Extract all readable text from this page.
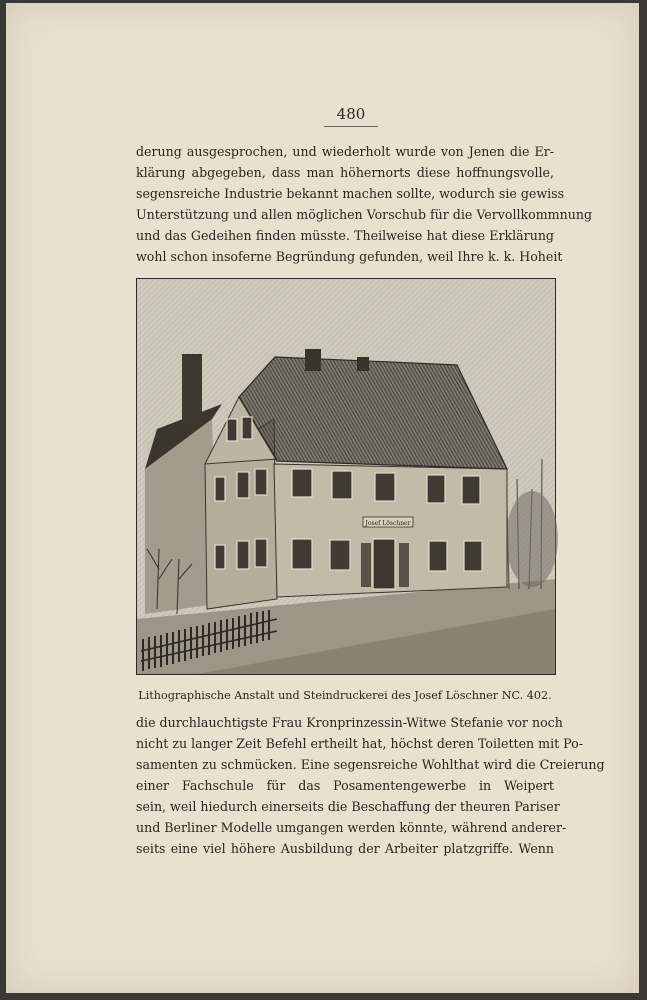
480
derung ausgesprochen, und wiederholt wurde von Jenen die Er-
klärung abgegeben, dass man höhernorts diese hoffnungsvolle,
segensreiche Industrie bekannt machen sollte, wodurch sie gewiss
Unterstützung und allen möglichen Vorschub für die Vervollkommnung
und das Gedeihen finden müsste. Theilweise hat diese Erklärung
wohl schon insoferne Begründung gefunden, weil Ihre k. k. Hoheit
Josef Löschner
Lithographische Anstalt und Steindruckerei des Josef Löschner NC. 402.
die durchlauchtigste Frau Kronprinzessin-Witwe Stefanie vor noch
nicht zu langer Zeit Befehl ertheilt hat, höchst deren Toiletten mit Po-
samenten zu schmücken. Eine segensreiche Wohlthat wird die Creierung
einer Fachschule für das Posamentengewerbe in Weipert
sein, weil hiedurch einerseits die Beschaffung der theuren Pariser
und Berliner Modelle umgangen werden könnte, während anderer-
seits eine viel höhere Ausbildung der Arbeiter platzgriffe. Wenn
